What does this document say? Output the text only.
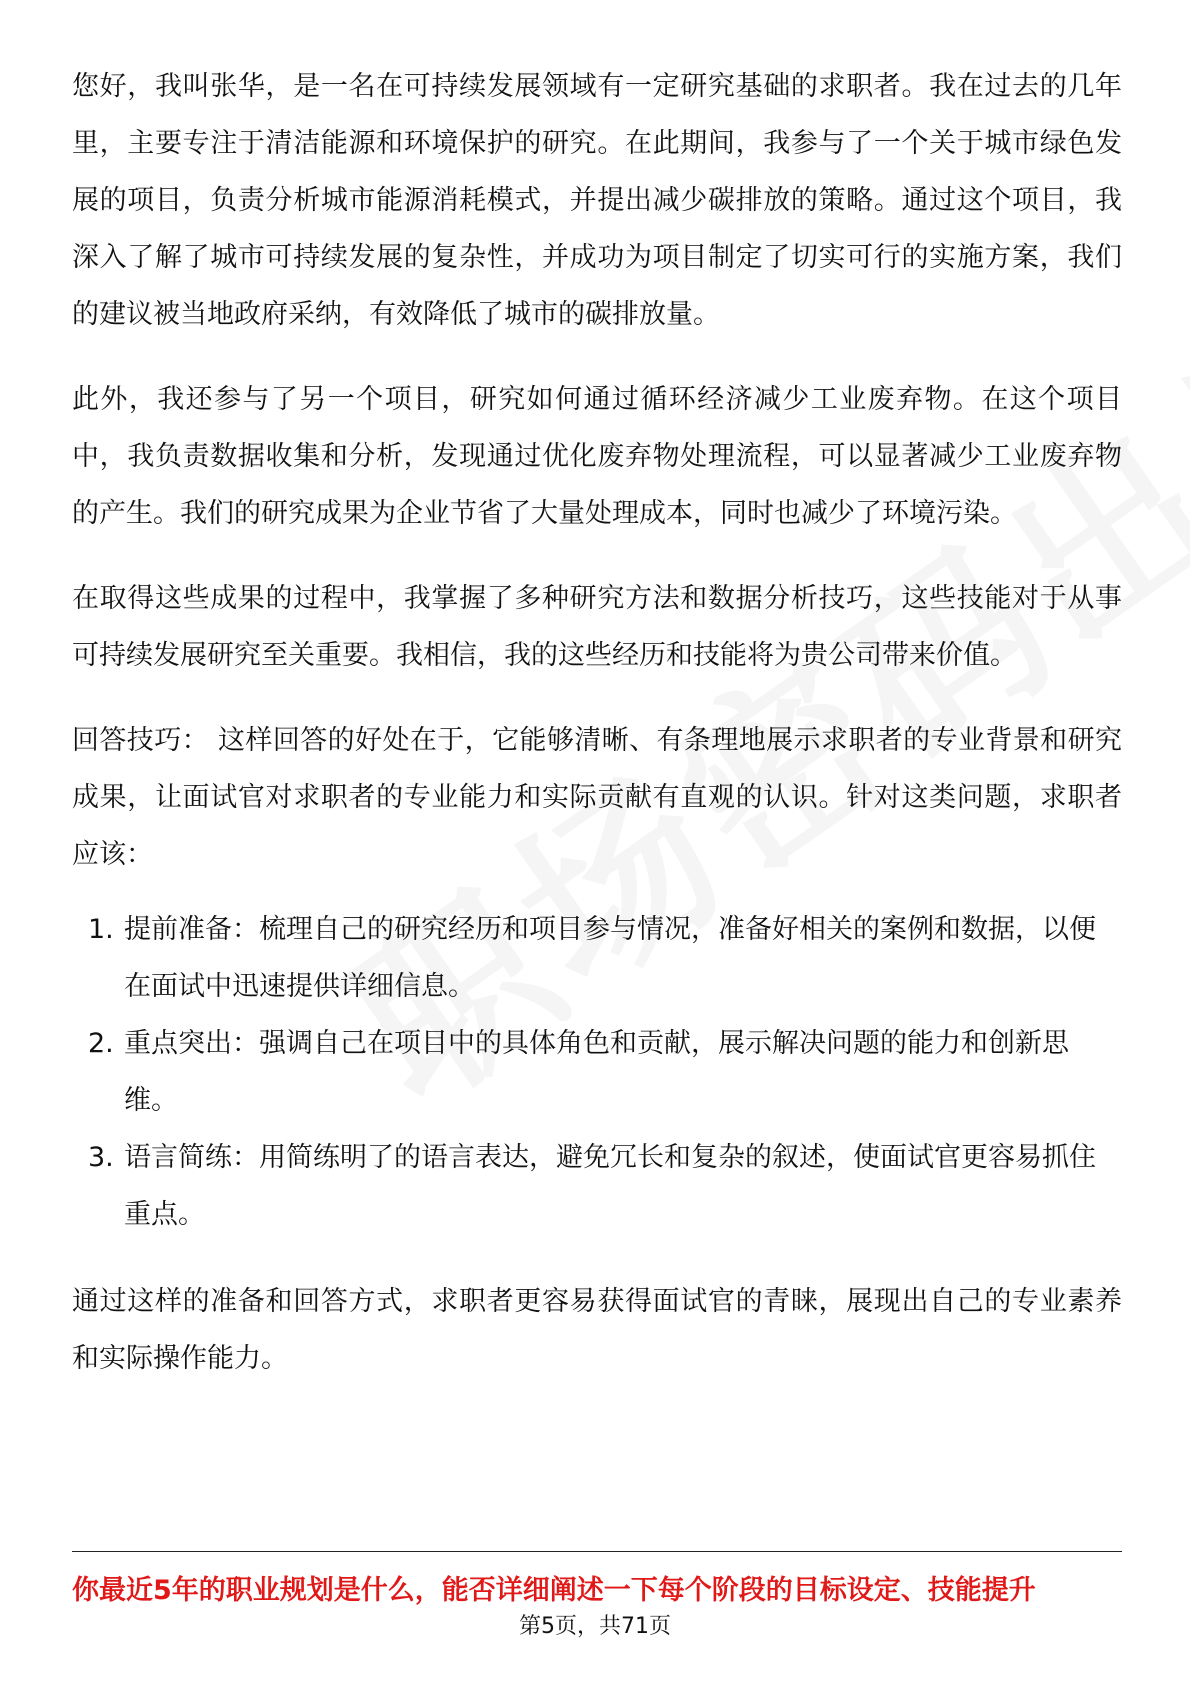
您好，我叫张华，是一名在可持续发展领域有一定研究基础的求职者。我在过去的几年里，主要专注于清洁能源和环境保护的研究。在此期间，我参与了一个关于城市绿色发展的项目，负责分析城市能源消耗模式，并提出减少碳排放的策略。通过这个项目，我深入了解了城市可持续发展的复杂性，并成功为项目制定了切实可行的实施方案，我们的建议被当地政府采纳，有效降低了城市的碳排放量。

此外，我还参与了另一个项目，研究如何通过循环经济减少工业废弃物。在这个项目中，我负责数据收集和分析，发现通过优化废弃物处理流程，可以显著减少工业废弃物的产生。我们的研究成果为企业节省了大量处理成本，同时也减少了环境污染。

在取得这些成果的过程中，我掌握了多种研究方法和数据分析技巧，这些技能对于从事可持续发展研究至关重要。我相信，我的这些经历和技能将为贵公司带来价值。

回答技巧： 这样回答的好处在于，它能够清晰、有条理地展示求职者的专业背景和研究成果，让面试官对求职者的专业能力和实际贡献有直观的认识。针对这类问题，求职者应该：

1. 提前准备：梳理自己的研究经历和项目参与情况，准备好相关的案例和数据，以便在面试中迅速提供详细信息。
2. 重点突出：强调自己在项目中的具体角色和贡献，展示解决问题的能力和创新思维。
3. 语言简练：用简练明了的语言表达，避免冗长和复杂的叙述，使面试官更容易抓住重点。

通过这样的准备和回答方式，求职者更容易获得面试官的青睐，展现出自己的专业素养和实际操作能力。

你最近5年的职业规划是什么，能否详细阐述一下每个阶段的目标设定、技能提升
第5页，共71页
